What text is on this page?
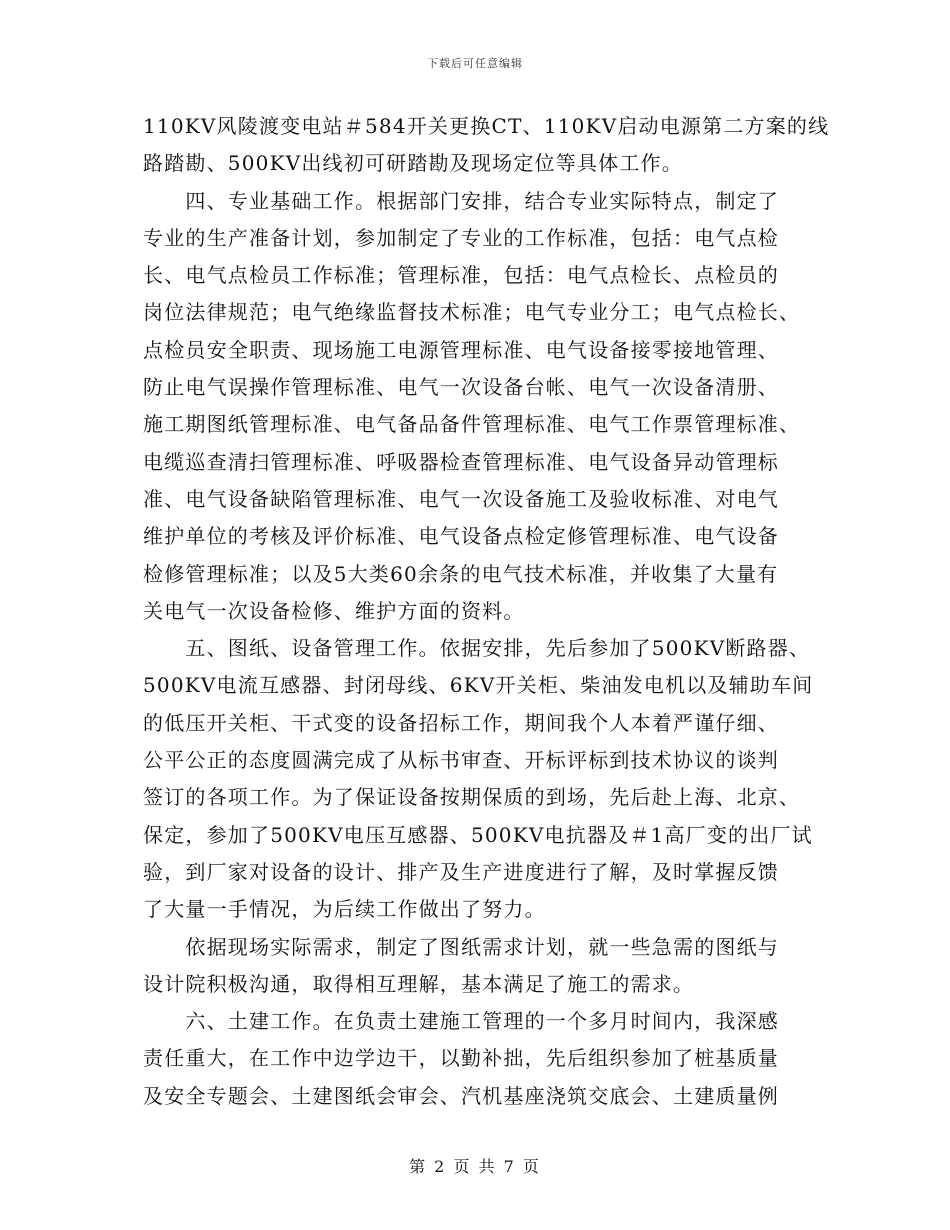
下载后可任意编辑
110KV风陵渡变电站＃584开关更换CT、110KV启动电源第二方案的线
路踏勘、500KV出线初可研踏勘及现场定位等具体工作。
　　四、专业基础工作。根据部门安排，结合专业实际特点，制定了
专业的生产准备计划，参加制定了专业的工作标准，包括：电气点检
长、电气点检员工作标准；管理标准，包括：电气点检长、点检员的
岗位法律规范；电气绝缘监督技术标准；电气专业分工；电气点检长、
点检员安全职责、现场施工电源管理标准、电气设备接零接地管理、
防止电气误操作管理标准、电气一次设备台帐、电气一次设备清册、
施工期图纸管理标准、电气备品备件管理标准、电气工作票管理标准、
电缆巡查清扫管理标准、呼吸器检查管理标准、电气设备异动管理标
准、电气设备缺陷管理标准、电气一次设备施工及验收标准、对电气
维护单位的考核及评价标准、电气设备点检定修管理标准、电气设备
检修管理标准；以及5大类60余条的电气技术标准，并收集了大量有
关电气一次设备检修、维护方面的资料。
　　五、图纸、设备管理工作。依据安排，先后参加了500KV断路器、
500KV电流互感器、封闭母线、6KV开关柜、柴油发电机以及辅助车间
的低压开关柜、干式变的设备招标工作，期间我个人本着严谨仔细、
公平公正的态度圆满完成了从标书审查、开标评标到技术协议的谈判
签订的各项工作。为了保证设备按期保质的到场，先后赴上海、北京、
保定，参加了500KV电压互感器、500KV电抗器及＃1高厂变的出厂试
验，到厂家对设备的设计、排产及生产进度进行了解，及时掌握反馈
了大量一手情况，为后续工作做出了努力。
　　依据现场实际需求，制定了图纸需求计划，就一些急需的图纸与
设计院积极沟通，取得相互理解，基本满足了施工的需求。
　　六、土建工作。在负责土建施工管理的一个多月时间内，我深感
责任重大，在工作中边学边干，以勤补拙，先后组织参加了桩基质量
及安全专题会、土建图纸会审会、汽机基座浇筑交底会、土建质量例
第 2 页 共 7 页
